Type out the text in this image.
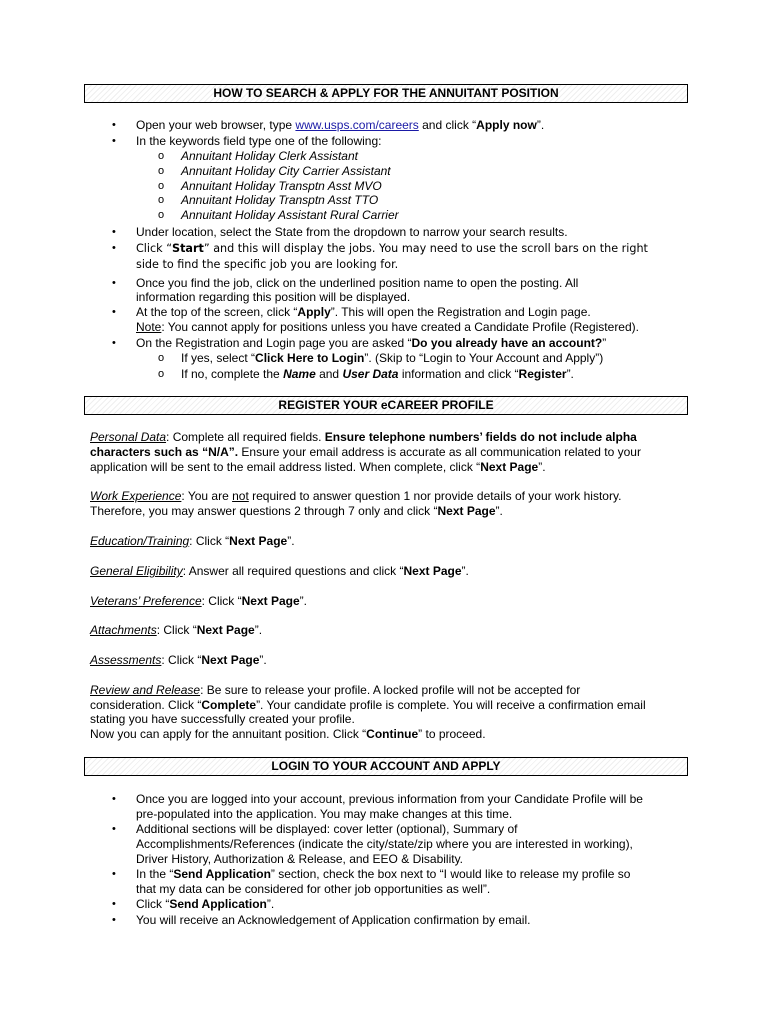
HOW TO SEARCH & APPLY FOR THE ANNUITANT POSITION
•	Open your web browser, type www.usps.com/careers and click “Apply now”.
•	In the keywords field type one of the following:
o	Annuitant Holiday Clerk Assistant
o	Annuitant Holiday City Carrier Assistant
o	Annuitant Holiday Transptn Asst MVO
o	Annuitant Holiday Transptn Asst TTO
o	Annuitant Holiday Assistant Rural Carrier
•	Under location, select the State from the dropdown to narrow your search results.
•	Click “Start” and this will display the jobs. You may need to use the scroll bars on the right
side to find the specific job you are looking for.
•	Once you find the job, click on the underlined position name to open the posting. All
information regarding this position will be displayed.
•	At the top of the screen, click “Apply”. This will open the Registration and Login page.
Note: You cannot apply for positions unless you have created a Candidate Profile (Registered).
•	On the Registration and Login page you are asked “Do you already have an account?”
o	If yes, select “Click Here to Login”. (Skip to “Login to Your Account and Apply”)
o	If no, complete the Name and User Data information and click “Register”.
REGISTER YOUR eCAREER PROFILE
Personal Data: Complete all required fields. Ensure telephone numbers’ fields do not include alpha
characters such as “N/A”. Ensure your email address is accurate as all communication related to your
application will be sent to the email address listed. When complete, click “Next Page”.
Work Experience: You are not required to answer question 1 nor provide details of your work history.
Therefore, you may answer questions 2 through 7 only and click “Next Page”.
Education/Training: Click “Next Page”.
General Eligibility: Answer all required questions and click “Next Page”.
Veterans’ Preference: Click “Next Page”.
Attachments: Click “Next Page”.
Assessments: Click “Next Page”.
Review and Release: Be sure to release your profile. A locked profile will not be accepted for
consideration. Click “Complete”. Your candidate profile is complete. You will receive a confirmation email
stating you have successfully created your profile.
Now you can apply for the annuitant position. Click “Continue” to proceed.
LOGIN TO YOUR ACCOUNT AND APPLY
•	Once you are logged into your account, previous information from your Candidate Profile will be
pre-populated into the application. You may make changes at this time.
•	Additional sections will be displayed: cover letter (optional), Summary of
Accomplishments/References (indicate the city/state/zip where you are interested in working),
Driver History, Authorization & Release, and EEO & Disability.
•	In the “Send Application” section, check the box next to “I would like to release my profile so
that my data can be considered for other job opportunities as well”.
•	Click “Send Application”.
•	You will receive an Acknowledgement of Application confirmation by email.
